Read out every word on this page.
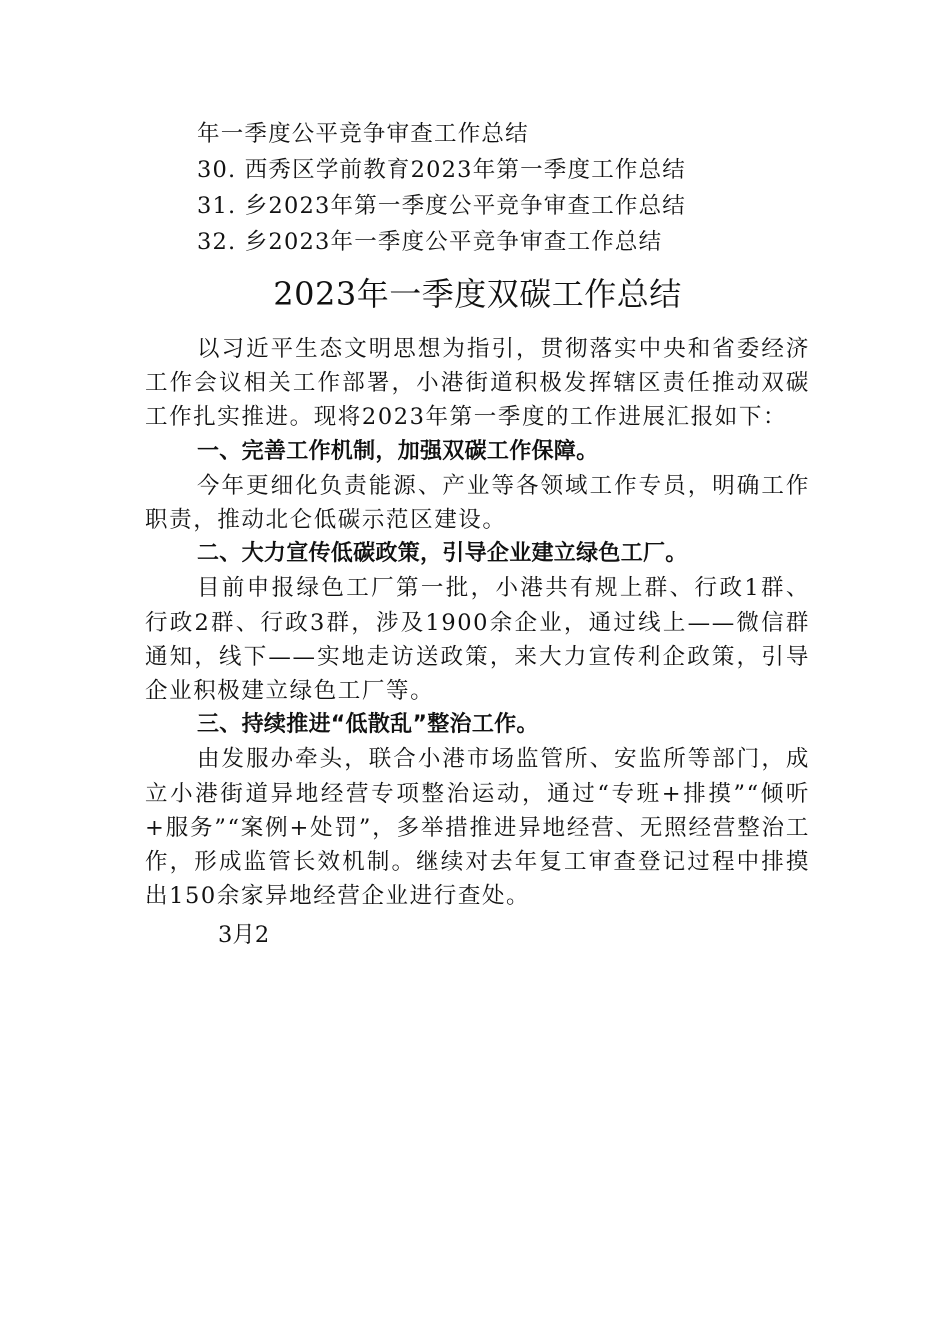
年一季度公平竞争审查工作总结
30. 西秀区学前教育2023年第一季度工作总结
31. 乡2023年第一季度公平竞争审查工作总结
32. 乡2023年一季度公平竞争审查工作总结
2023年一季度双碳工作总结
以习近平生态文明思想为指引，贯彻落实中央和省委经济工作会议相关工作部署，小港街道积极发挥辖区责任推动双碳工作扎实推进。现将2023年第一季度的工作进展汇报如下：
一、完善工作机制，加强双碳工作保障。
今年更细化负责能源、产业等各领域工作专员，明确工作职责，推动北仑低碳示范区建设。
二、大力宣传低碳政策，引导企业建立绿色工厂。
目前申报绿色工厂第一批，小港共有规上群、行政1群、行政2群、行政3群，涉及1900余企业，通过线上——微信群通知，线下——实地走访送政策，来大力宣传利企政策，引导企业积极建立绿色工厂等。
三、持续推进“低散乱”整治工作。
由发服办牵头，联合小港市场监管所、安监所等部门，成立小港街道异地经营专项整治运动，通过“专班+排摸”“倾听+服务”“案例+处罚”，多举措推进异地经营、无照经营整治工作，形成监管长效机制。继续对去年复工审查登记过程中排摸出150余家异地经营企业进行查处。
3月2
